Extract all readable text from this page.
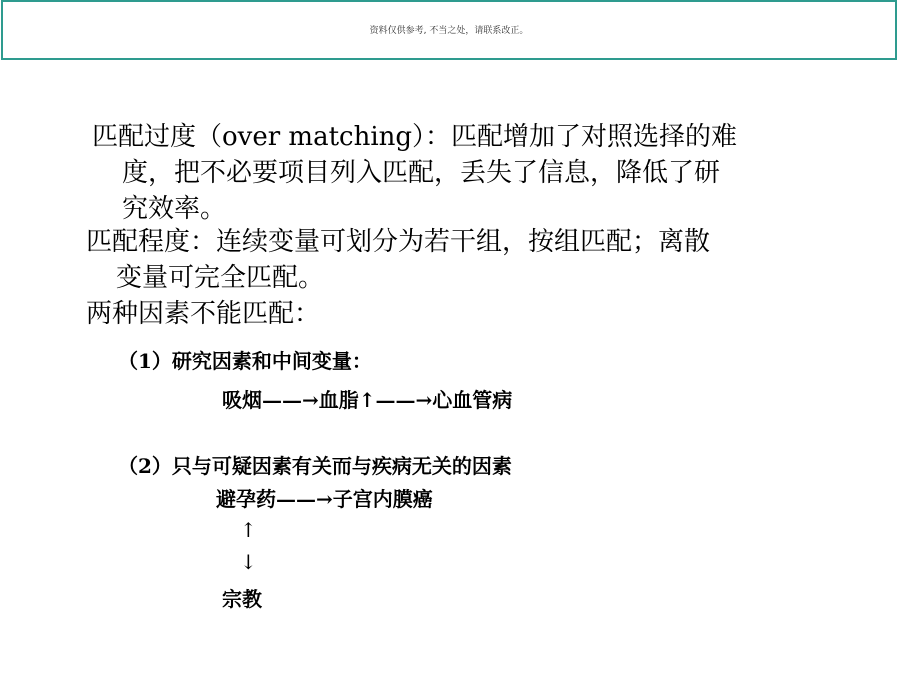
资料仅供参考, 不当之处，请联系改正。
匹配过度（over matching）：匹配增加了对照选择的难
度，把不必要项目列入匹配，丢失了信息，降低了研
究效率。
匹配程度：连续变量可划分为若干组，按组匹配；离散
变量可完全匹配。
两种因素不能匹配：
（1）研究因素和中间变量：
吸烟——→血脂↑——→心血管病
（2）只与可疑因素有关而与疾病无关的因素
避孕药——→子宫内膜癌
↑
↓
宗教
